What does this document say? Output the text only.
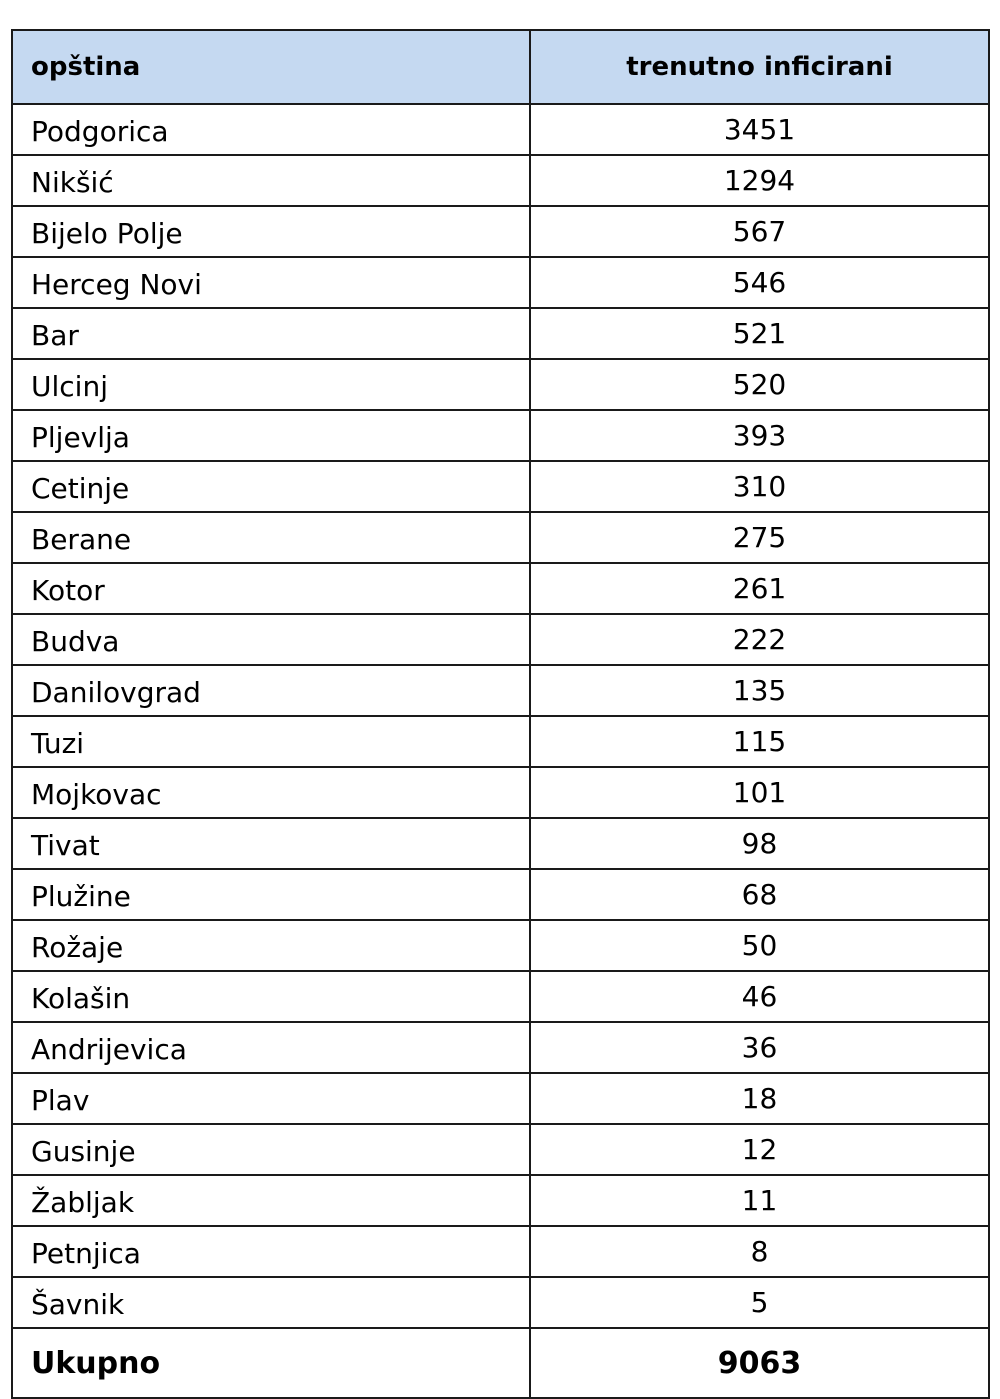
opština	trenutno inficirani
Podgorica	3451
Nikšić	1294
Bijelo Polje	567
Herceg Novi	546
Bar	521
Ulcinj	520
Pljevlja	393
Cetinje	310
Berane	275
Kotor	261
Budva	222
Danilovgrad	135
Tuzi	115
Mojkovac	101
Tivat	98
Plužine	68
Rožaje	50
Kolašin	46
Andrijevica	36
Plav	18
Gusinje	12
Žabljak	11
Petnjica	8
Šavnik	5
Ukupno	9063
